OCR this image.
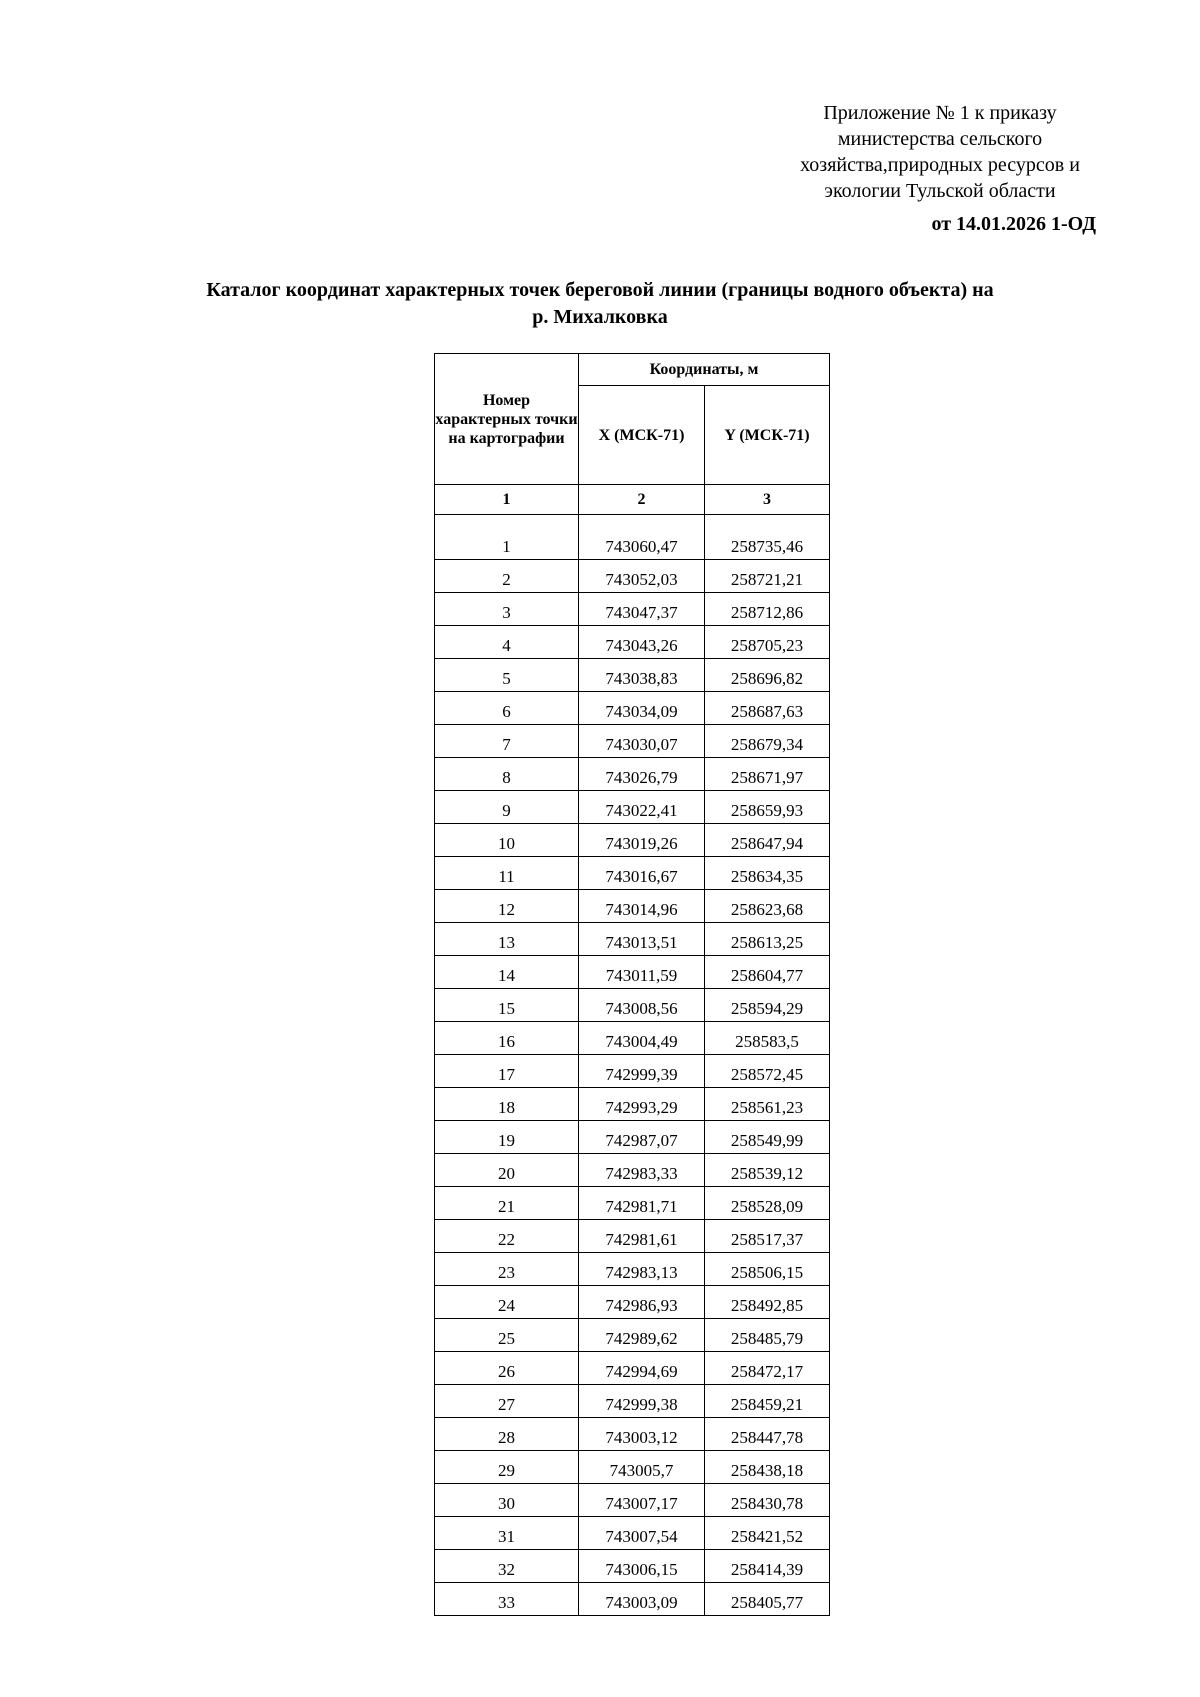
Приложение № 1 к приказу
министерства сельского
хозяйства,природных ресурсов и
экологии Тульской области
от 14.01.2026 1-ОД
Каталог координат характерных точек береговой линии (границы водного объекта) на
р. Михалковка
Номер характерных точки на картографии	Координаты, м	
	X (МСК-71)	Y (МСК-71)
1	2	3
1	743060,47	258735,46
2	743052,03	258721,21
3	743047,37	258712,86
4	743043,26	258705,23
5	743038,83	258696,82
6	743034,09	258687,63
7	743030,07	258679,34
8	743026,79	258671,97
9	743022,41	258659,93
10	743019,26	258647,94
11	743016,67	258634,35
12	743014,96	258623,68
13	743013,51	258613,25
14	743011,59	258604,77
15	743008,56	258594,29
16	743004,49	258583,5
17	742999,39	258572,45
18	742993,29	258561,23
19	742987,07	258549,99
20	742983,33	258539,12
21	742981,71	258528,09
22	742981,61	258517,37
23	742983,13	258506,15
24	742986,93	258492,85
25	742989,62	258485,79
26	742994,69	258472,17
27	742999,38	258459,21
28	743003,12	258447,78
29	743005,7	258438,18
30	743007,17	258430,78
31	743007,54	258421,52
32	743006,15	258414,39
33	743003,09	258405,77
